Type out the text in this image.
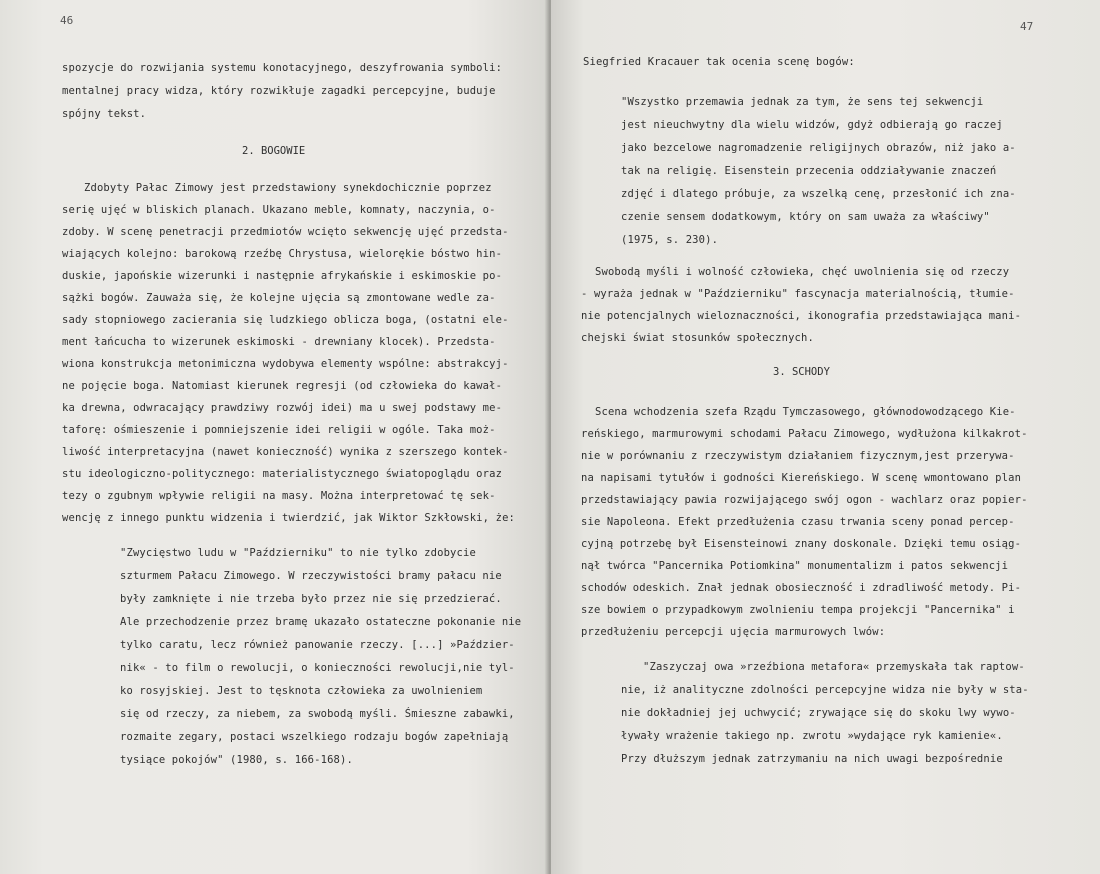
46
spozycje do rozwijania systemu konotacyjnego, deszyfrowania symboli:
mentalnej pracy widza, który rozwikłuje zagadki percepcyjne, buduje
spójny tekst.
2. BOGOWIE
Zdobyty Pałac Zimowy jest przedstawiony synekdochicznie poprzez
serię ujęć w bliskich planach. Ukazano meble, komnaty, naczynia, o-
zdoby. W scenę penetracji przedmiotów wcięto sekwencję ujęć przedsta-
wiających kolejno: barokową rzeźbę Chrystusa, wielorękie bóstwo hin-
duskie, japońskie wizerunki i następnie afrykańskie i eskimoskie po-
sążki bogów. Zauważa się, że kolejne ujęcia są zmontowane wedle za-
sady stopniowego zacierania się ludzkiego oblicza boga, (ostatni ele-
ment łańcucha to wizerunek eskimoski - drewniany klocek). Przedsta-
wiona konstrukcja metonimiczna wydobywa elementy wspólne: abstrakcyj-
ne pojęcie boga. Natomiast kierunek regresji (od człowieka do kawał-
ka drewna, odwracający prawdziwy rozwój idei) ma u swej podstawy me-
taforę: ośmieszenie i pomniejszenie idei religii w ogóle. Taka moż-
liwość interpretacyjna (nawet konieczność) wynika z szerszego kontek-
stu ideologiczno-politycznego: materialistycznego światopoglądu oraz
tezy o zgubnym wpływie religii na masy. Można interpretować tę sek-
wencję z innego punktu widzenia i twierdzić, jak Wiktor Szkłowski, że:
"Zwycięstwo ludu w "Październiku" to nie tylko zdobycie
szturmem Pałacu Zimowego. W rzeczywistości bramy pałacu nie
były zamknięte i nie trzeba było przez nie się przedzierać.
Ale przechodzenie przez bramę ukazało ostateczne pokonanie nie
tylko caratu, lecz również panowanie rzeczy. [...] »Paździer-
nik« - to film o rewolucji, o konieczności rewolucji,nie tyl-
ko rosyjskiej. Jest to tęsknota człowieka za uwolnieniem
się od rzeczy, za niebem, za swobodą myśli. Śmieszne zabawki,
rozmaite zegary, postaci wszelkiego rodzaju bogów zapełniają
tysiące pokojów" (1980, s. 166-168).
47
Siegfried Kracauer tak ocenia scenę bogów:
"Wszystko przemawia jednak za tym, że sens tej sekwencji
jest nieuchwytny dla wielu widzów, gdyż odbierają go raczej
jako bezcelowe nagromadzenie religijnych obrazów, niż jako a-
tak na religię. Eisenstein przecenia oddziaływanie znaczeń
zdjęć i dlatego próbuje, za wszelką cenę, przesłonić ich zna-
czenie sensem dodatkowym, który on sam uważa za właściwy"
(1975, s. 230).
Swobodą myśli i wolność człowieka, chęć uwolnienia się od rzeczy
- wyraża jednak w "Październiku" fascynacja materialnością, tłumie-
nie potencjalnych wieloznaczności, ikonografia przedstawiająca mani-
chejski świat stosunków społecznych.
3. SCHODY
Scena wchodzenia szefa Rządu Tymczasowego, głównodowodzącego Kie-
reńskiego, marmurowymi schodami Pałacu Zimowego, wydłużona kilkakrot-
nie w porównaniu z rzeczywistym działaniem fizycznym,jest przerywa-
na napisami tytułów i godności Kiereńskiego. W scenę wmontowano plan
przedstawiający pawia rozwijającego swój ogon - wachlarz oraz popier-
sie Napoleona. Efekt przedłużenia czasu trwania sceny ponad percep-
cyjną potrzebę był Eisensteinowi znany doskonale. Dzięki temu osiąg-
nął twórca "Pancernika Potiomkina" monumentalizm i patos sekwencji
schodów odeskich. Znał jednak obosieczność i zdradliwość metody. Pi-
sze bowiem o przypadkowym zwolnieniu tempa projekcji "Pancernika" i
przedłużeniu percepcji ujęcia marmurowych lwów:
"Zaszyczaj owa »rzeźbiona metafora« przemyskała tak raptow-
nie, iż analityczne zdolności percepcyjne widza nie były w sta-
nie dokładniej jej uchwycić; zrywające się do skoku lwy wywo-
ływały wrażenie takiego np. zwrotu »wydające ryk kamienie«.
Przy dłuższym jednak zatrzymaniu na nich uwagi bezpośrednie
